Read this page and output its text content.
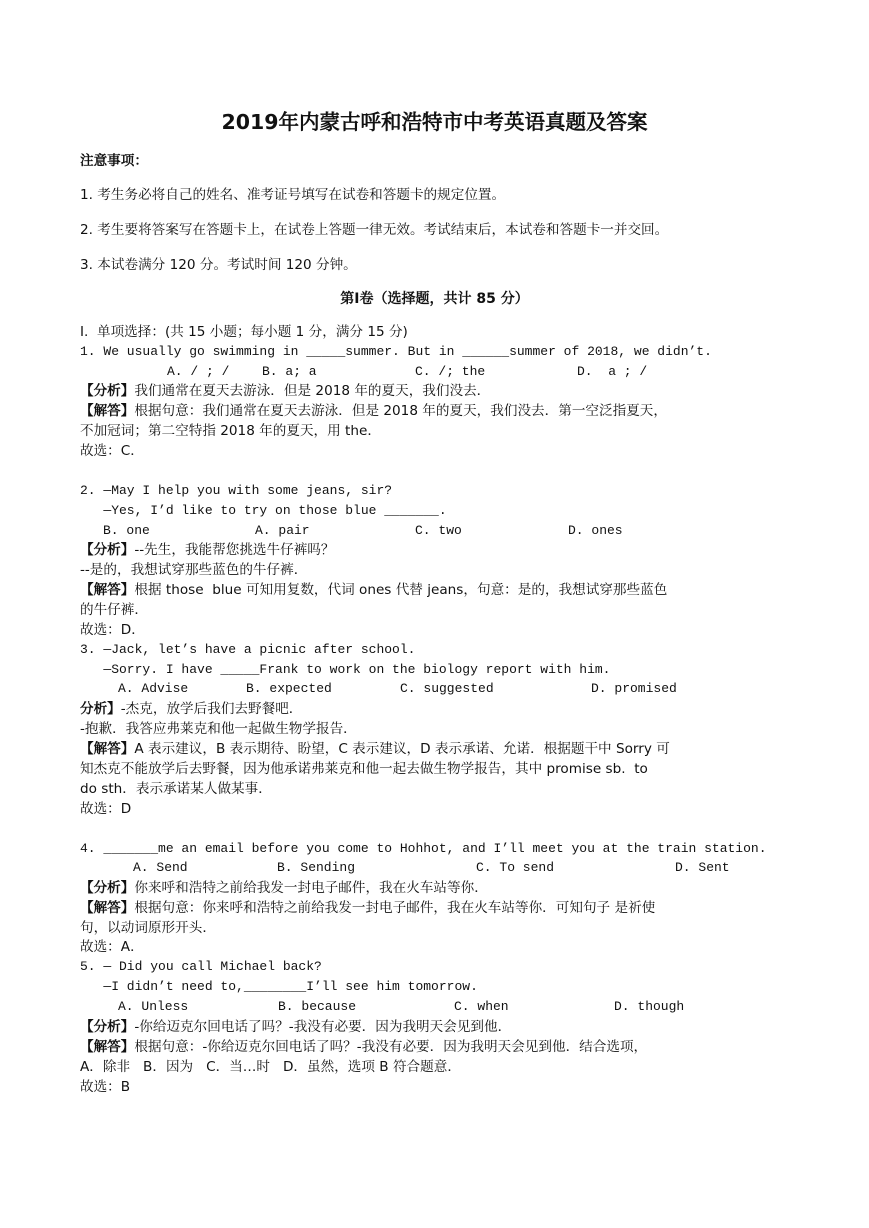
2019年内蒙古呼和浩特市中考英语真题及答案
注意事项：
1. 考生务必将自己的姓名、准考证号填写在试卷和答题卡的规定位置。
2. 考生要将答案写在答题卡上，在试卷上答题一律无效。考试结束后，本试卷和答题卡一并交回。
3. 本试卷满分 120 分。考试时间 120 分钟。
第Ⅰ卷（选择题，共计 85 分）
I.  单项选择：(共 15 小题；每小题 1 分，满分 15 分)
1. We usually go swimming in _____summer. But in ______summer of 2018, we didn’t.
A. / ; /	B. a; a	C. /; the	D.  a ; /
【分析】我们通常在夏天去游泳．但是 2018 年的夏天，我们没去．
【解答】根据句意：我们通常在夏天去游泳．但是 2018 年的夏天，我们没去．第一空泛指夏天，
不加冠词；第二空特指 2018 年的夏天，用 the．
故选：C．
2. —May I help you with some jeans, sir?
—Yes, I’d like to try on those blue _______.
B. one	A. pair	C. two	D. ones
【分析】--先生，我能帮您挑选牛仔裤吗？
--是的，我想试穿那些蓝色的牛仔裤．
【解答】根据 those  blue 可知用复数，代词 ones 代替 jeans，句意：是的，我想试穿那些蓝色
的牛仔裤．
故选：D．
3. —Jack, let’s have a picnic after school.
—Sorry. I have _____Frank to work on the biology report with him.
A. Advise	B. expected	C. suggested	D. promised
分析】-杰克，放学后我们去野餐吧．
-抱歉．我答应弗莱克和他一起做生物学报告．
【解答】A 表示建议，B 表示期待、盼望，C 表示建议，D 表示承诺、允诺．根据题干中 Sorry 可
知杰克不能放学后去野餐，因为他承诺弗莱克和他一起去做生物学报告，其中 promise sb.  to
do sth．表示承诺某人做某事．
故选：D
4. _______me an email before you come to Hohhot, and I’ll meet you at the train station.
A. Send	B. Sending	C. To send	D. Sent
【分析】你来呼和浩特之前给我发一封电子邮件，我在火车站等你．
【解答】根据句意：你来呼和浩特之前给我发一封电子邮件，我在火车站等你．可知句子 是祈使
句，以动词原形开头．
故选：A．
5. — Did you call Michael back?
—I didn’t need to,________I’ll see him tomorrow.
A. Unless	B. because	C. when	D. though
【分析】-你给迈克尔回电话了吗？-我没有必要．因为我明天会见到他．
【解答】根据句意：-你给迈克尔回电话了吗？-我没有必要．因为我明天会见到他．结合选项，
A．除非   B．因为   C．当…时   D．虽然，选项 B 符合题意．
故选：B
